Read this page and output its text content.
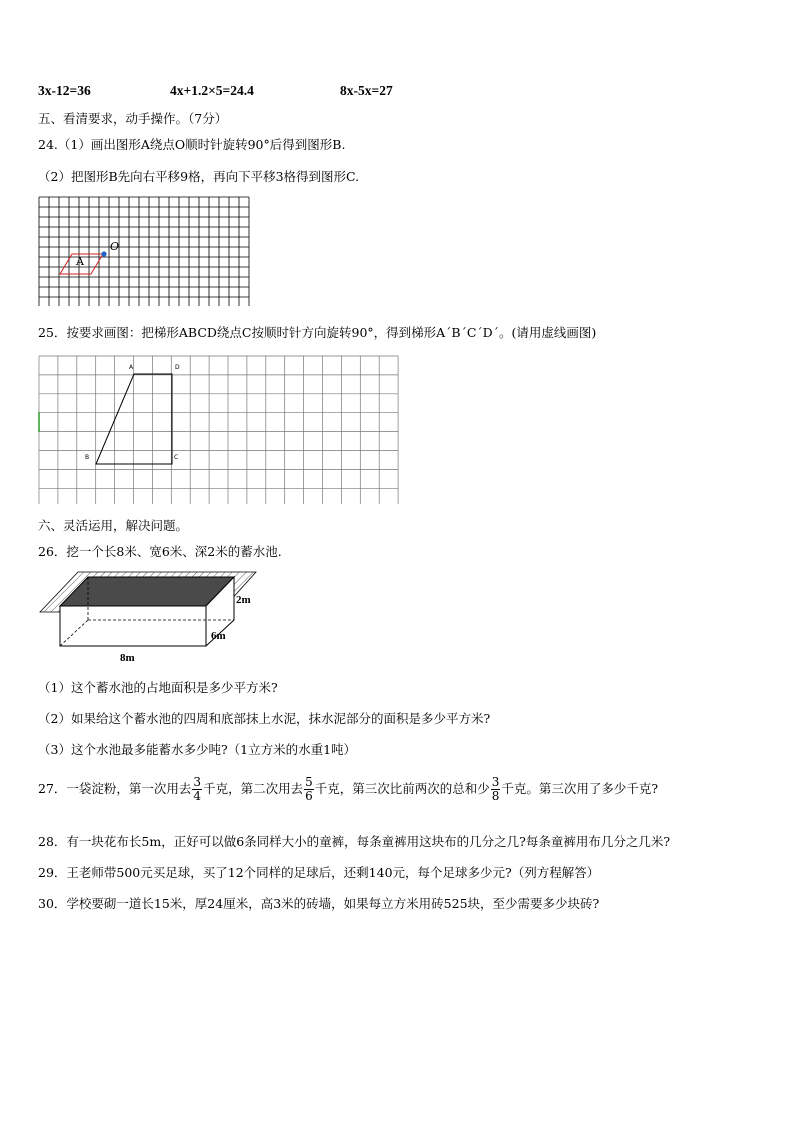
3x-12=36	4x+1.2×5=24.4	8x-5x=27
五、看清要求，动手操作。（7分）
24.（1）画出图形A绕点O顺时针旋转90°后得到图形B.
（2）把图形B先向右平移9格，再向下平移3格得到图形C.
A
O
25．按要求画图：把梯形ABCD绕点C按顺时针方向旋转90°，得到梯形A΄B΄C΄D΄。(请用虚线画图)
A	D
B	C
六、灵活运用，解决问题。
26．挖一个长8米、宽6米、深2米的蓄水池.
2m
6m
8m
（1）这个蓄水池的占地面积是多少平方米?
（2）如果给这个蓄水池的四周和底部抹上水泥，抹水泥部分的面积是多少平方米?
（3）这个水池最多能蓄水多少吨?（1立方米的水重1吨）
27．一袋淀粉，第一次用去 $\frac{3}{4}$ 千克，第二次用去 $\frac{5}{6}$ 千克，第三次比前两次的总和少 $\frac{3}{8}$ 千克。第三次用了多少千克?
28．有一块花布长5m，正好可以做6条同样大小的童裤，每条童裤用这块布的几分之几?每条童裤用布几分之几米?
29．王老师带500元买足球，买了12个同样的足球后，还剩140元，每个足球多少元?（列方程解答）
30．学校要砌一道长15米，厚24厘米，高3米的砖墙，如果每立方米用砖525块，至少需要多少块砖?
